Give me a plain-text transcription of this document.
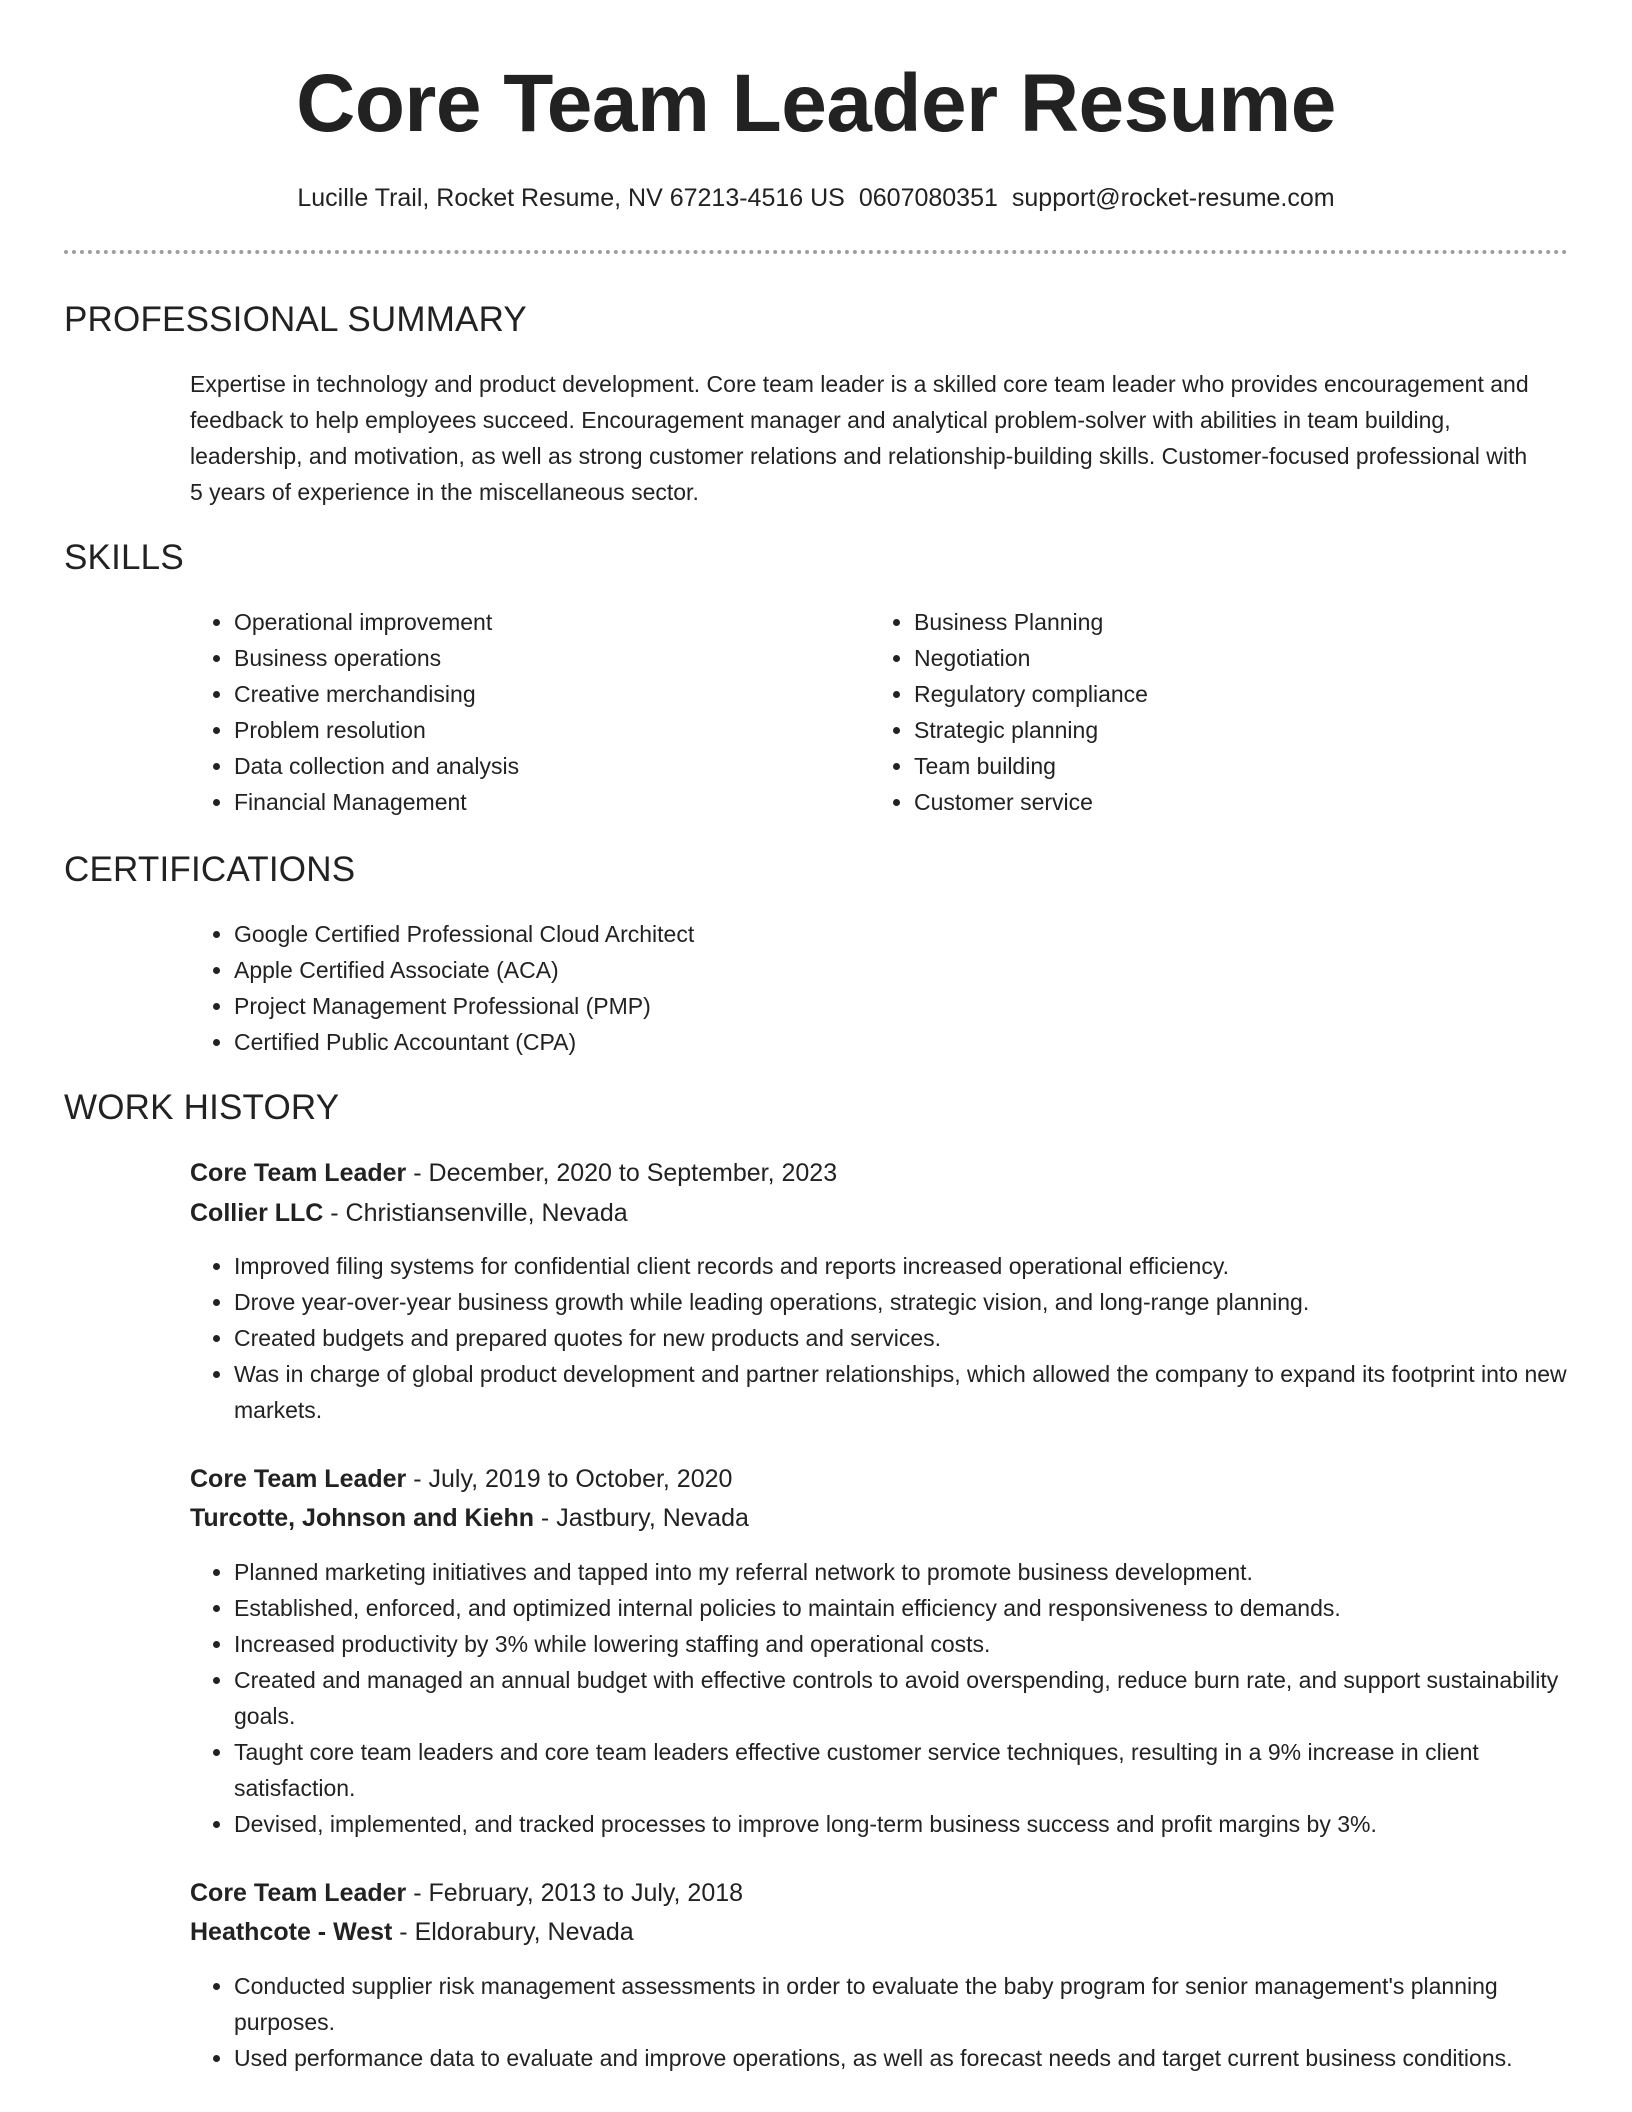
Core Team Leader Resume
Lucille Trail, Rocket Resume, NV 67213-4516 US 0607080351 support@rocket-resume.com
PROFESSIONAL SUMMARY

Expertise in technology and product development. Core team leader is a skilled core team leader who provides encouragement and feedback to help employees succeed. Encouragement manager and analytical problem-solver with abilities in team building, leadership, and motivation, as well as strong customer relations and relationship-building skills. Customer-focused professional with 5 years of experience in the miscellaneous sector.

SKILLS
• Operational improvement
• Business operations
• Creative merchandising
• Problem resolution
• Data collection and analysis
• Financial Management
• Business Planning
• Negotiation
• Regulatory compliance
• Strategic planning
• Team building
• Customer service
CERTIFICATIONS
• Google Certified Professional Cloud Architect
• Apple Certified Associate (ACA)
• Project Management Professional (PMP)
• Certified Public Accountant (CPA)
WORK HISTORY
Core Team Leader - December, 2020 to September, 2023
Collier LLC - Christiansenville, Nevada
• Improved filing systems for confidential client records and reports increased operational efficiency.
• Drove year-over-year business growth while leading operations, strategic vision, and long-range planning.
• Created budgets and prepared quotes for new products and services.
• Was in charge of global product development and partner relationships, which allowed the company to expand its footprint into new markets.
Core Team Leader - July, 2019 to October, 2020
Turcotte, Johnson and Kiehn - Jastbury, Nevada
• Planned marketing initiatives and tapped into my referral network to promote business development.
• Established, enforced, and optimized internal policies to maintain efficiency and responsiveness to demands.
• Increased productivity by 3% while lowering staffing and operational costs.
• Created and managed an annual budget with effective controls to avoid overspending, reduce burn rate, and support sustainability goals.
• Taught core team leaders and core team leaders effective customer service techniques, resulting in a 9% increase in client satisfaction.
• Devised, implemented, and tracked processes to improve long-term business success and profit margins by 3%.
Core Team Leader - February, 2013 to July, 2018
Heathcote - West - Eldorabury, Nevada
• Conducted supplier risk management assessments in order to evaluate the baby program for senior management's planning purposes.
• Used performance data to evaluate and improve operations, as well as forecast needs and target current business conditions.
